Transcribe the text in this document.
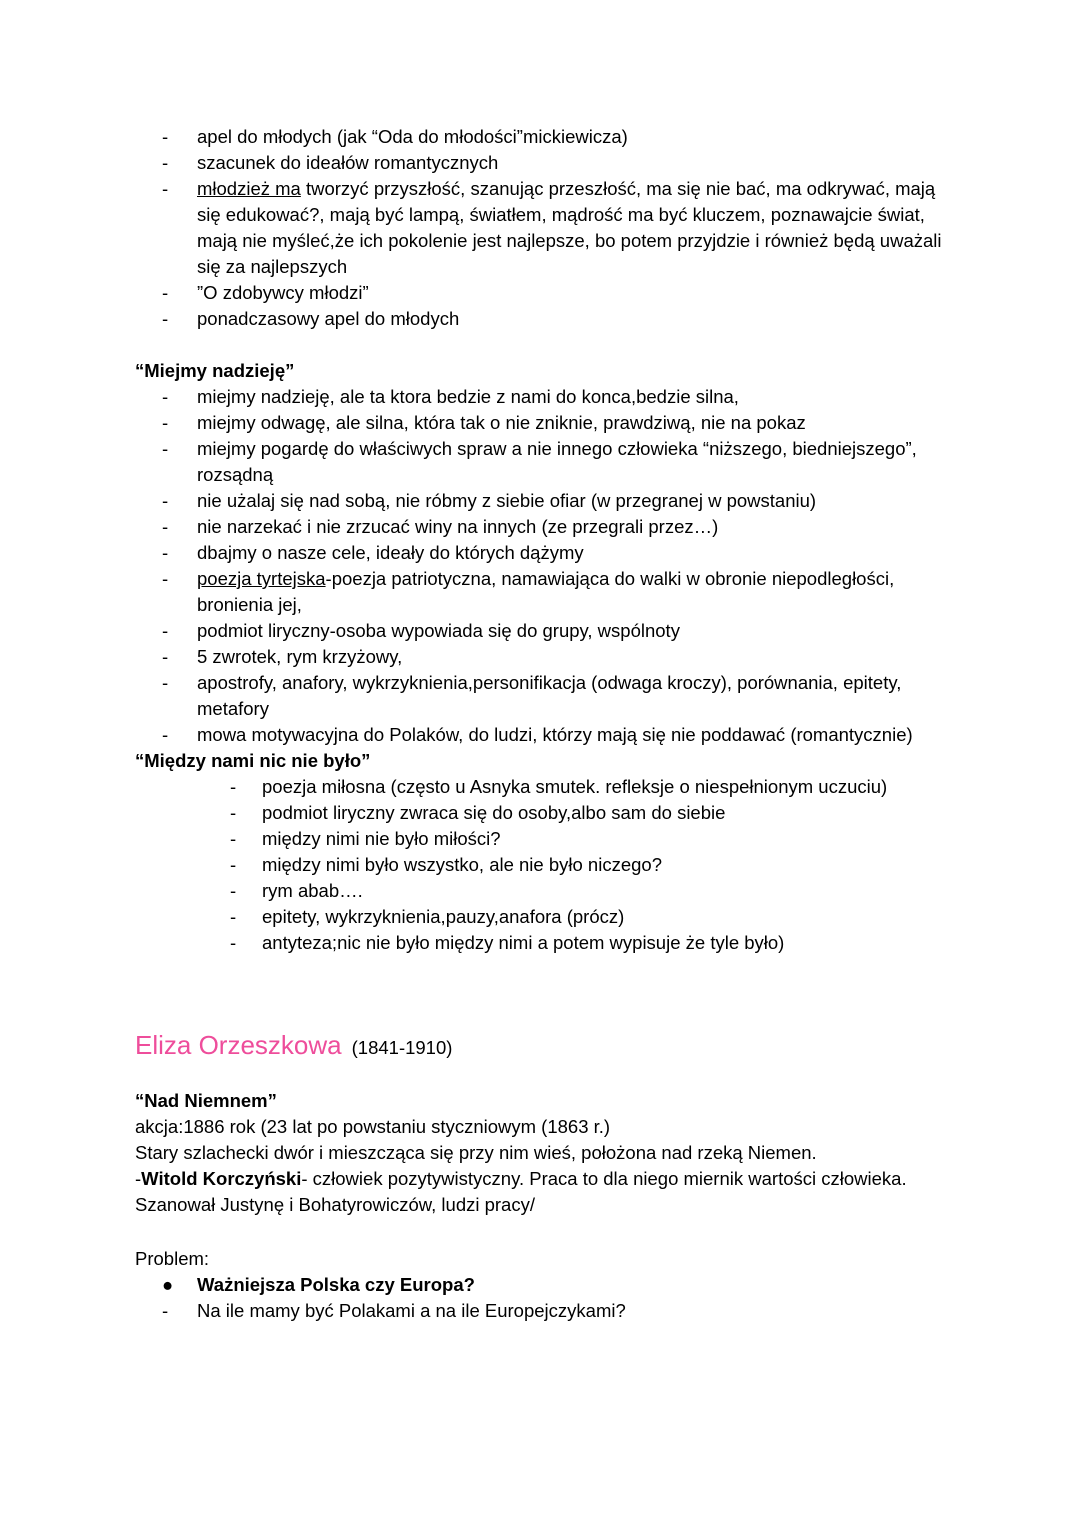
-	apel do młodych (jak “Oda do młodości”mickiewicza)
-	szacunek do ideałów romantycznych
-	młodzież ma tworzyć przyszłość, szanując przeszłość, ma się nie bać, ma odkrywać, mają się edukować?, mają być lampą, światłem, mądrość ma być kluczem, poznawajcie świat, mają nie myśleć,że ich pokolenie jest najlepsze, bo potem przyjdzie i również będą uważali się za najlepszych
-	”O zdobywcy młodzi”
-	ponadczasowy apel do młodych
“Miejmy nadzieję”
-	miejmy nadzieję, ale ta ktora bedzie z nami do konca,bedzie silna,
-	miejmy odwagę, ale silna, która tak o nie zniknie, prawdziwą, nie na pokaz
-	miejmy pogardę do właściwych spraw a nie innego człowieka “niższego, biedniejszego”, rozsądną
-	nie użalaj się nad sobą, nie róbmy z siebie ofiar (w przegranej w powstaniu)
-	nie narzekać i nie zrzucać winy na innych (ze przegrali przez…)
-	dbajmy o nasze cele, ideały do których dążymy
-	poezja tyrtejska-poezja patriotyczna, namawiająca do walki w obronie niepodległości, bronienia jej,
-	podmiot liryczny-osoba wypowiada się do grupy, wspólnoty
-	5 zwrotek, rym krzyżowy,
-	apostrofy, anafory, wykrzyknienia,personifikacja (odwaga kroczy), porównania, epitety, metafory
-	mowa motywacyjna do Polaków, do ludzi, którzy mają się nie poddawać (romantycznie)
“Między nami nic nie było”
-	poezja miłosna (często u Asnyka smutek. refleksje o niespełnionym uczuciu)
-	podmiot liryczny zwraca się do osoby,albo sam do siebie
-	między nimi nie było miłości?
-	między nimi było wszystko, ale nie było niczego?
-	rym abab….
-	epitety, wykrzyknienia,pauzy,anafora (prócz)
-	antyteza;nic nie było między nimi a potem wypisuje że tyle było)
Eliza Orzeszkowa (1841-1910)
“Nad Niemnem”
akcja:1886 rok (23 lat po powstaniu styczniowym (1863 r.)
Stary szlachecki dwór i mieszcząca się przy nim wieś, położona nad rzeką Niemen.
-Witold Korczyński- człowiek pozytywistyczny. Praca to dla niego miernik wartości człowieka. Szanował Justynę i Bohatyrowiczów, ludzi pracy/
Problem:
●	Ważniejsza Polska czy Europa?
-	Na ile mamy być Polakami a na ile Europejczykami?
